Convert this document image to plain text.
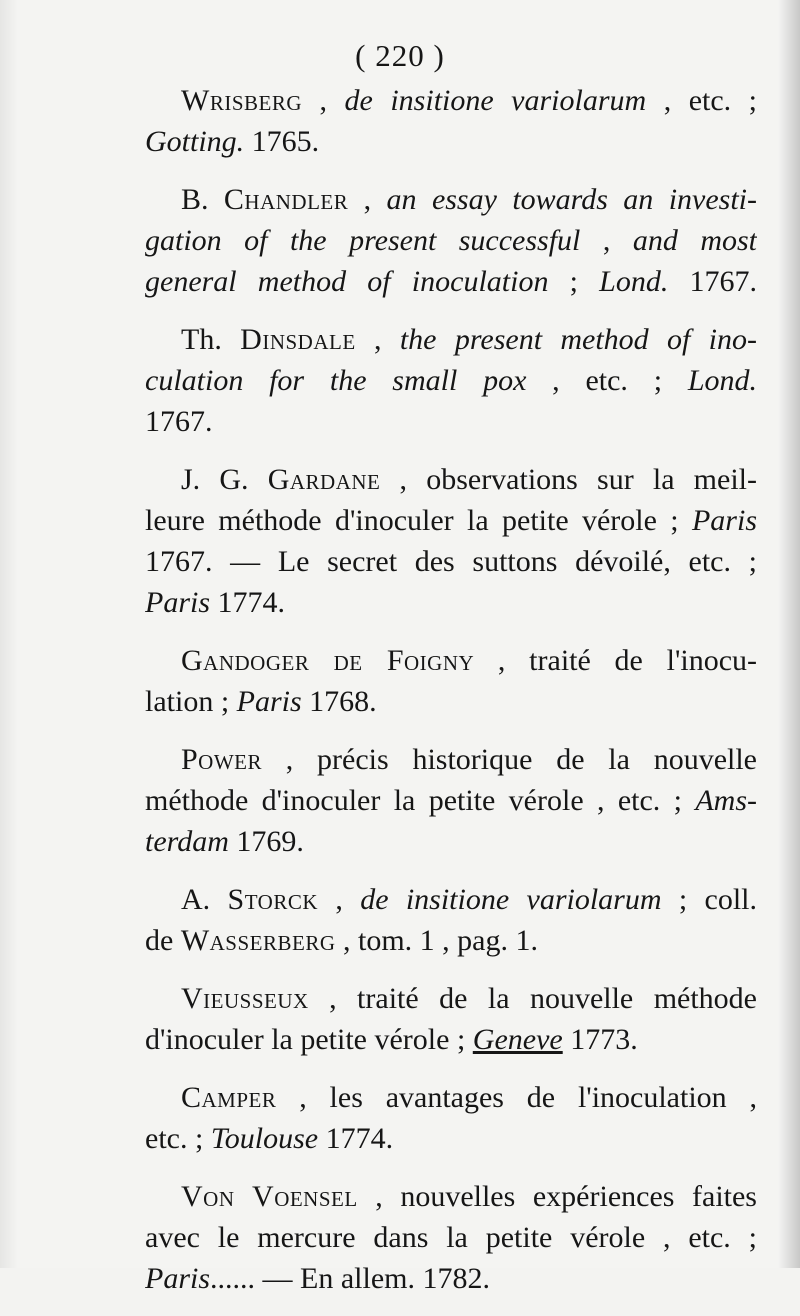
( 220 )
Wrisberg , de insitione variolarum , etc. ;
Gotting. 1765.
B. Chandler , an essay towards an investi-
gation of the present successful , and most
general method of inoculation ; Lond. 1767.
Th. Dinsdale , the present method of ino-
culation for the small pox , etc. ; Lond.
1767.
J. G. Gardane , observations sur la meil-
leure méthode d'inoculer la petite vérole ; Paris
1767. — Le secret des suttons dévoilé, etc. ;
Paris 1774.
Gandoger de Foigny , traité de l'inocu-
lation ; Paris 1768.
Power , précis historique de la nouvelle
méthode d'inoculer la petite vérole , etc. ; Ams-
terdam 1769.
A. Storck , de insitione variolarum ; coll.
de Wasserberg , tom. 1 , pag. 1.
Vieusseux , traité de la nouvelle méthode
d'inoculer la petite vérole ; Geneve 1773.
Camper , les avantages de l'inoculation ,
etc. ; Toulouse 1774.
Von Voensel , nouvelles expériences faites
avec le mercure dans la petite vérole , etc. ;
Paris...... — En allem. 1782.
